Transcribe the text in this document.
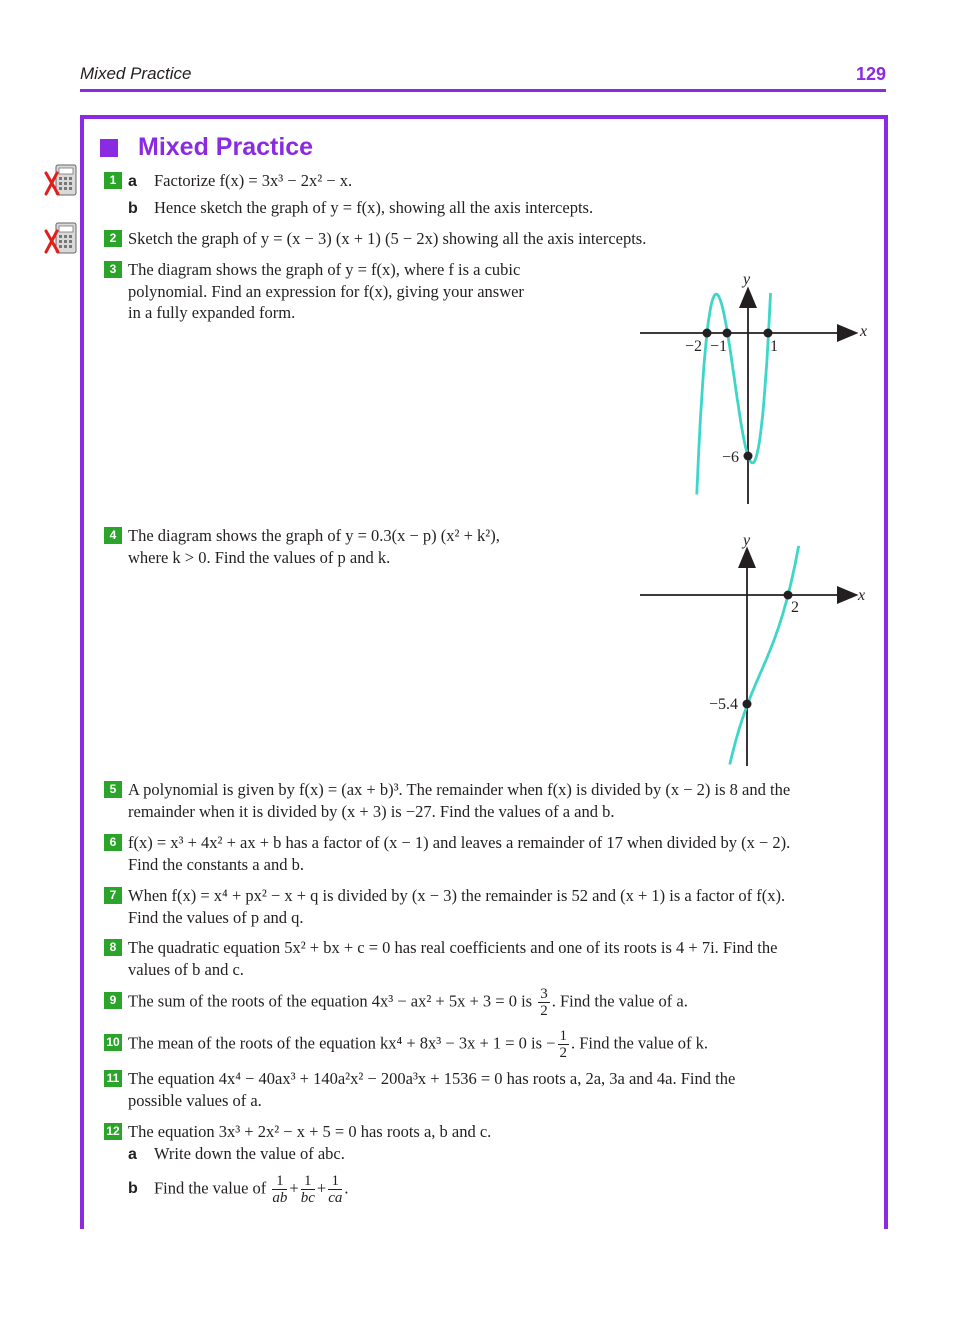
Mixed Practice	129
Mixed Practice
1 a Factorize f(x) = 3x³ − 2x² − x.
b Hence sketch the graph of y = f(x), showing all the axis intercepts.
2 Sketch the graph of y = (x − 3) (x + 1) (5 − 2x) showing all the axis intercepts.
3 The diagram shows the graph of y = f(x), where f is a cubic
polynomial. Find an expression for f(x), giving your answer
in a fully expanded form.
x
y
−2 −1	1
−6
4 The diagram shows the graph of y = 0.3(x − p) (x² + k²),
where k > 0. Find the values of p and k.
x
y
2
−5.4
5 A polynomial is given by f(x) = (ax + b)³. The remainder when f(x) is divided by (x − 2) is 8 and the
remainder when it is divided by (x + 3) is −27. Find the values of a and b.
6 f(x) = x³ + 4x² + ax + b has a factor of (x − 1) and leaves a remainder of 17 when divided by (x − 2).
Find the constants a and b.
7 When f(x) = x⁴ + px² − x + q is divided by (x − 3) the remainder is 52 and (x + 1) is a factor of f(x).
Find the values of p and q.
8 The quadratic equation 5x² + bx + c = 0 has real coefficients and one of its roots is 4 + 7i. Find the
values of b and c.
9 The sum of the roots of the equation 4x³ − ax² + 5x + 3 = 0 is $\frac{3}{2}$ . Find the value of a.
10 The mean of the roots of the equation kx⁴ + 8x³ − 3x + 1 = 0 is − $\frac{1}{2}$ . Find the value of k.
11 The equation 4x⁴ − 40ax³ + 140a²x² − 200a³x + 1536 = 0 has roots a, 2a, 3a and 4a. Find the
possible values of a.
12 The equation 3x³ + 2x² − x + 5 = 0 has roots a, b and c.
a Write down the value of abc.
b Find the value of $\frac{1}{ab} + \frac{1}{bc} + \frac{1}{ca}$ .
